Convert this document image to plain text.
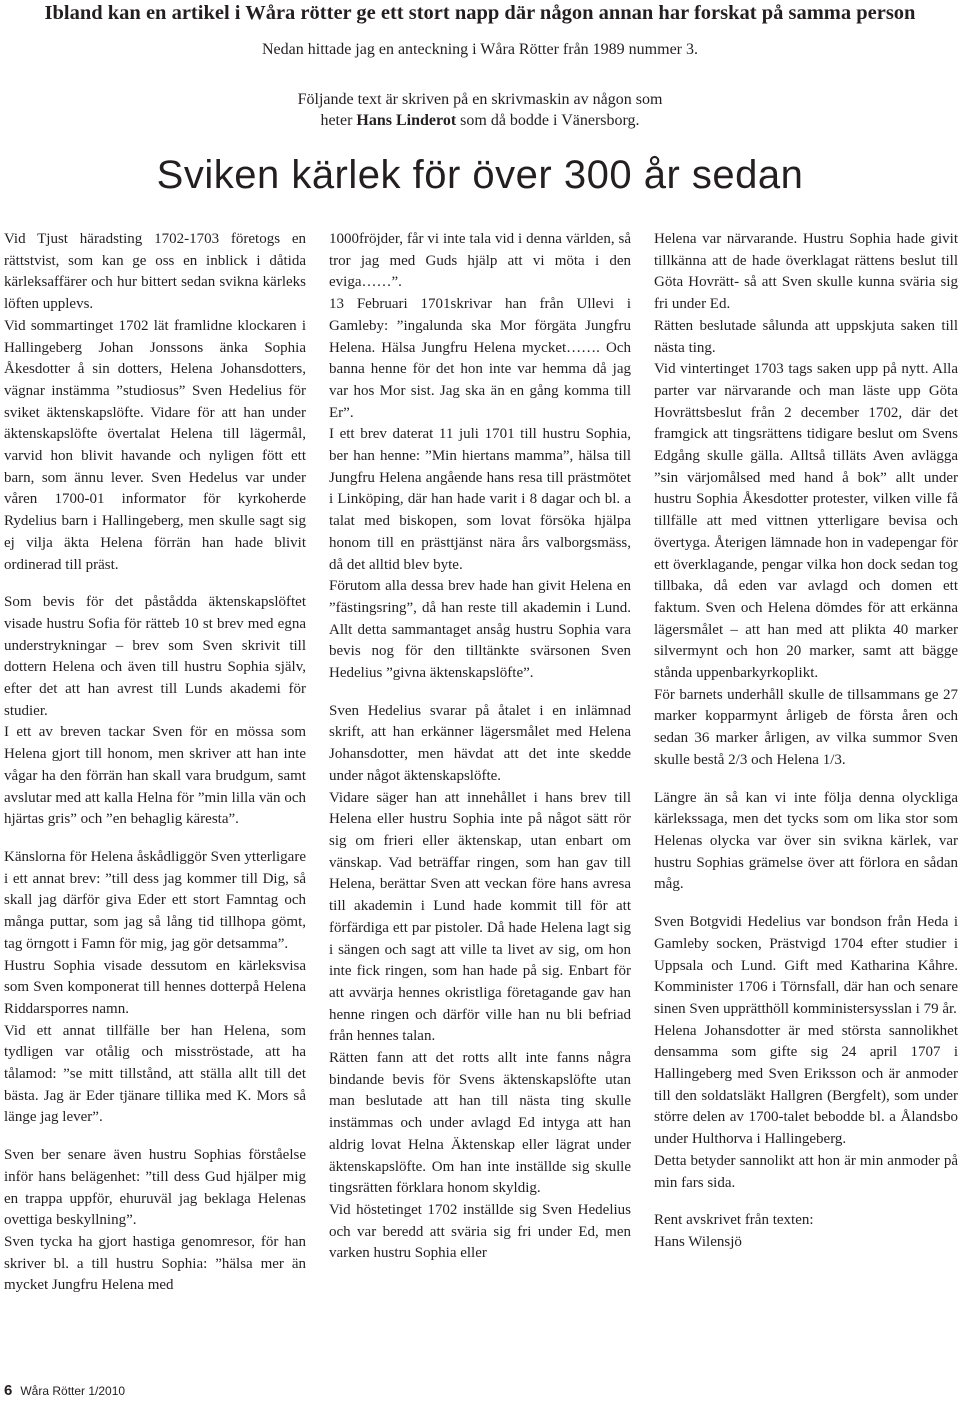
Ibland kan en artikel i Wåra rötter ge ett stort napp där någon annan har forskat på samma person
Nedan hittade jag en anteckning i Wåra Rötter från 1989 nummer 3.
Följande text är skriven på en skrivmaskin av någon som
heter Hans Linderot som då bodde i Vänersborg.
Sviken kärlek för över 300 år sedan

Vid Tjust häradsting 1702-1703 företogs en rättstvist, som kan ge oss en inblick i dåtida kärleksaffärer och hur bittert sedan svikna kärleks löften upplevs.

Vid sommartinget 1702 lät framlidne klockaren i Hallingeberg Johan Jonssons änka Sophia Åkesdotter å sin dotters, Helena Johansdotters, vägnar instämma ”studiosus” Sven Hedelius för sviket äktenskapslöfte. Vidare för att han under äktenskapslöfte övertalat Helena till lägermål, varvid hon blivit havande och nyligen fött ett barn, som ännu lever. Sven Hedelus var under våren 1700-01 informator för kyrkoherde Rydelius barn i Hallingeberg, men skulle sagt sig ej vilja äkta Helena förrän han hade blivit ordinerad till präst.

Som bevis för det påstådda äktenskapslöftet visade hustru Sofia för rätteb 10 st brev med egna understrykningar – brev som Sven skrivit till dottern Helena och även till hustru Sophia själv, efter det att han avrest till Lunds akademi för studier.

I ett av breven tackar Sven för en mössa som Helena gjort till honom, men skriver att han inte vågar ha den förrän han skall vara brudgum, samt avslutar med att kalla Helna för ”min lilla vän och hjärtas gris” och ”en behaglig käresta”.

Känslorna för Helena åskådliggör Sven ytterligare i ett annat brev: ”till dess jag kommer till Dig, så skall jag därför giva Eder ett stort Famntag och många puttar, som jag så lång tid tillhopa gömt, tag örngott i Famn för mig, jag gör detsamma”.

Hustru Sophia visade dessutom en kärleksvisa som Sven komponerat till hennes dotterpå Helena Riddarsporres namn.

Vid ett annat tillfälle ber han Helena, som tydligen var otålig och misströstade, att ha tålamod: ”se mitt tillstånd, att ställa allt till det bästa. Jag är Eder tjänare tillika med K. Mors så länge jag lever”.

Sven ber senare även hustru Sophias förståelse inför hans belägenhet: ”till dess Gud hjälper mig en trappa uppför, ehuruväl jag beklaga Helenas ovettiga beskyllning”.

Sven tycka ha gjort hastiga genomresor, för han skriver bl. a till hustru Sophia: ”hälsa mer än mycket Jungfru Helena med

1000fröjder, får vi inte tala vid i denna världen, så tror jag med Guds hjälp att vi möta i den eviga……”.

13 Februari 1701skrivar han från Ullevi i Gamleby: ”ingalunda ska Mor förgäta Jungfru Helena. Hälsa Jungfru Helena mycket……. Och banna henne för det hon inte var hemma då jag var hos Mor sist. Jag ska än en gång komma till Er”.

I ett brev daterat 11 juli 1701 till hustru Sophia, ber han henne: ”Min hiertans mamma”, hälsa till Jungfru Helena angående hans resa till prästmötet i Linköping, där han hade varit i 8 dagar och bl. a talat med biskopen, som lovat försöka hjälpa honom till en prästtjänst nära års valborgsmäss, då det alltid blev byte.

Förutom alla dessa brev hade han givit Helena en ”fästingsring”, då han reste till akademin i Lund. Allt detta sammantaget ansåg hustru Sophia vara bevis nog för den tilltänkte svärsonen Sven Hedelius ”givna äktenskapslöfte”.

Sven Hedelius svarar på åtalet i en inlämnad skrift, att han erkänner lägersmålet med Helena Johansdotter, men hävdat att det inte skedde under något äktenskapslöfte.

Vidare säger han att innehållet i hans brev till Helena eller hustru Sophia inte på något sätt rör sig om frieri eller äktenskap, utan enbart om vänskap. Vad beträffar ringen, som han gav till Helena, berättar Sven att veckan före hans avresa till akademin i Lund hade kommit till för att förfärdiga ett par pistoler. Då hade Helena lagt sig i sängen och sagt att ville ta livet av sig, om hon inte fick ringen, som han hade på sig. Enbart för att avvärja hennes okristliga företagande gav han henne ringen och därför ville han nu bli befriad från hennes talan.

Rätten fann att det rotts allt inte fanns några bindande bevis för Svens äktenskapslöfte utan man beslutade att han till nästa ting skulle instämmas och under avlagd Ed intyga att han aldrig lovat Helna Äktenskap eller lägrat under äktenskapslöfte. Om han inte inställde sig skulle tingsrätten förklara honom skyldig.

Vid höstetinget 1702 inställde sig Sven Hedelius och var beredd att sväria sig fri under Ed, men varken hustru Sophia eller

Helena var närvarande. Hustru Sophia hade givit tillkänna att de hade överklagat rättens beslut till Göta Hovrätt- så att Sven skulle kunna sväria sig fri under Ed.

Rätten beslutade sålunda att uppskjuta saken till nästa ting.

Vid vintertinget 1703 tags saken upp på nytt. Alla parter var närvarande och man läste upp Göta Hovrättsbeslut från 2 december 1702, där det framgick att tingsrättens tidigare beslut om Svens Edgång skulle gälla. Alltså tilläts Aven avlägga ”sin värjomålsed med hand å bok” allt under hustru Sophia Åkesdotter protester, vilken ville få tillfälle att med vittnen ytterligare bevisa och övertyga. Återigen lämnade hon in vadepengar för ett överklagande, pengar vilka hon dock sedan tog tillbaka, då eden var avlagd och domen ett faktum. Sven och Helena dömdes för att erkänna lägersmålet – att han med att plikta 40 marker silvermynt och hon 20 marker, samt att bägge stånda uppenbarkyrkoplikt.

För barnets underhåll skulle de tillsammans ge 27 marker kopparmynt årligeb de första åren och sedan 36 marker årligen, av vilka summor Sven skulle bestå 2/3 och Helena 1/3.

Längre än så kan vi inte följa denna olyckliga kärlekssaga, men det tycks som om lika stor som Helenas olycka var över sin svikna kärlek, var hustru Sophias grämelse över att förlora en sådan måg.

Sven Botgvidi Hedelius var bondson från Heda i Gamleby socken, Prästvigd 1704 efter studier i Uppsala och Lund. Gift med Katharina Kåhre. Komminister 1706 i Törnsfall, där han och senare sinen Sven upprätthöll komministersysslan i 79 år.

Helena Johansdotter är med största sannolikhet densamma som gifte sig 24 april 1707 i Hallingeberg med Sven Eriksson och är anmoder till den soldatsläkt Hallgren (Bergfelt), som under större delen av 1700-talet bebodde bl. a Ålandsbo under Hulthorva i Hallingeberg.

Detta betyder sannolikt att hon är min anmoder på min fars sida.

Rent avskrivet från texten:

Hans Wilensjö

6 Wåra Rötter 1/2010
